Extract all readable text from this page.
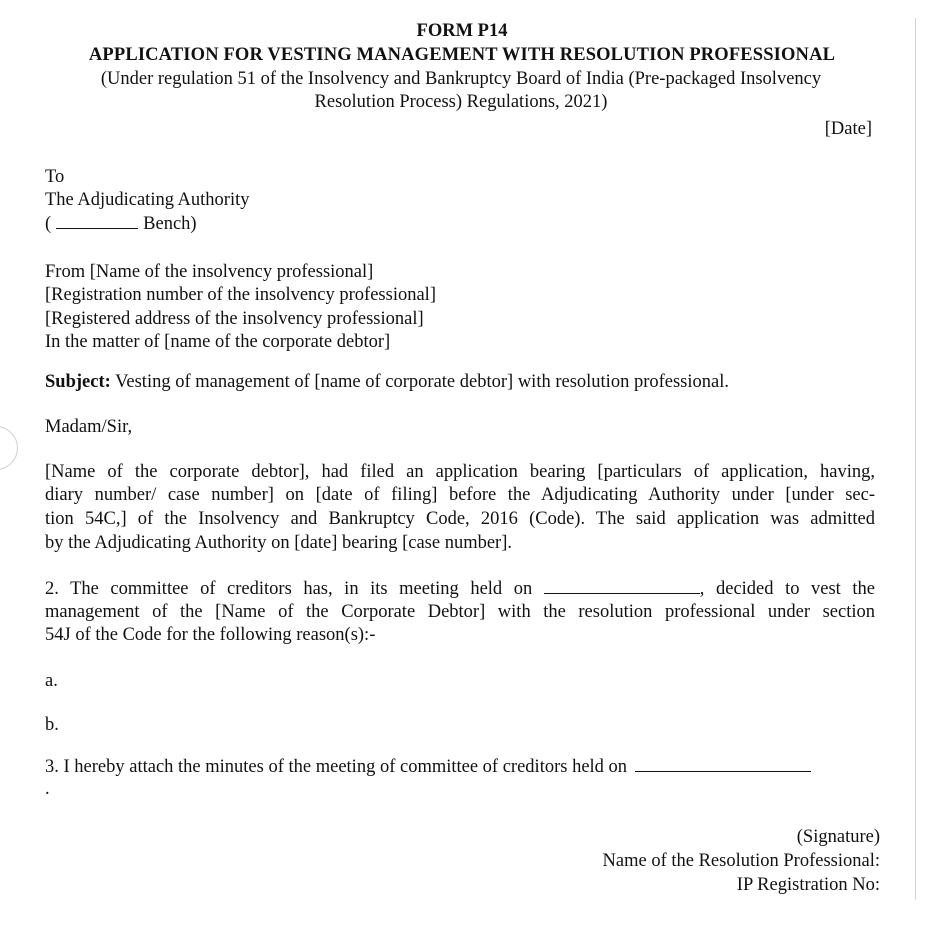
FORM P14
APPLICATION FOR VESTING MANAGEMENT WITH RESOLUTION PROFESSIONAL
(Under regulation 51 of the Insolvency and Bankruptcy Board of India (Pre-packaged Insolvency
Resolution Process) Regulations, 2021)
[Date]
To
The Adjudicating Authority
(	Bench)
From [Name of the insolvency professional]
[Registration number of the insolvency professional]
[Registered address of the insolvency professional]
In the matter of [name of the corporate debtor]
Subject: Vesting of management of [name of corporate debtor] with resolution professional.
Madam/Sir,
[Name of the corporate debtor], had filed an application bearing [particulars of application, having,
diary number/ case number] on [date of filing] before the Adjudicating Authority under [under sec-
tion 54C,] of the Insolvency and Bankruptcy Code, 2016 (Code). The said application was admitted
by the Adjudicating Authority on [date] bearing [case number].
2. The committee of creditors has, in its meeting held on	, decided to vest the
management of the [Name of the Corporate Debtor] with the resolution professional under section
54J of the Code for the following reason(s):-
a.
b.
3. I hereby attach the minutes of the meeting of committee of creditors held on
.
(Signature)
Name of the Resolution Professional:
IP Registration No:
